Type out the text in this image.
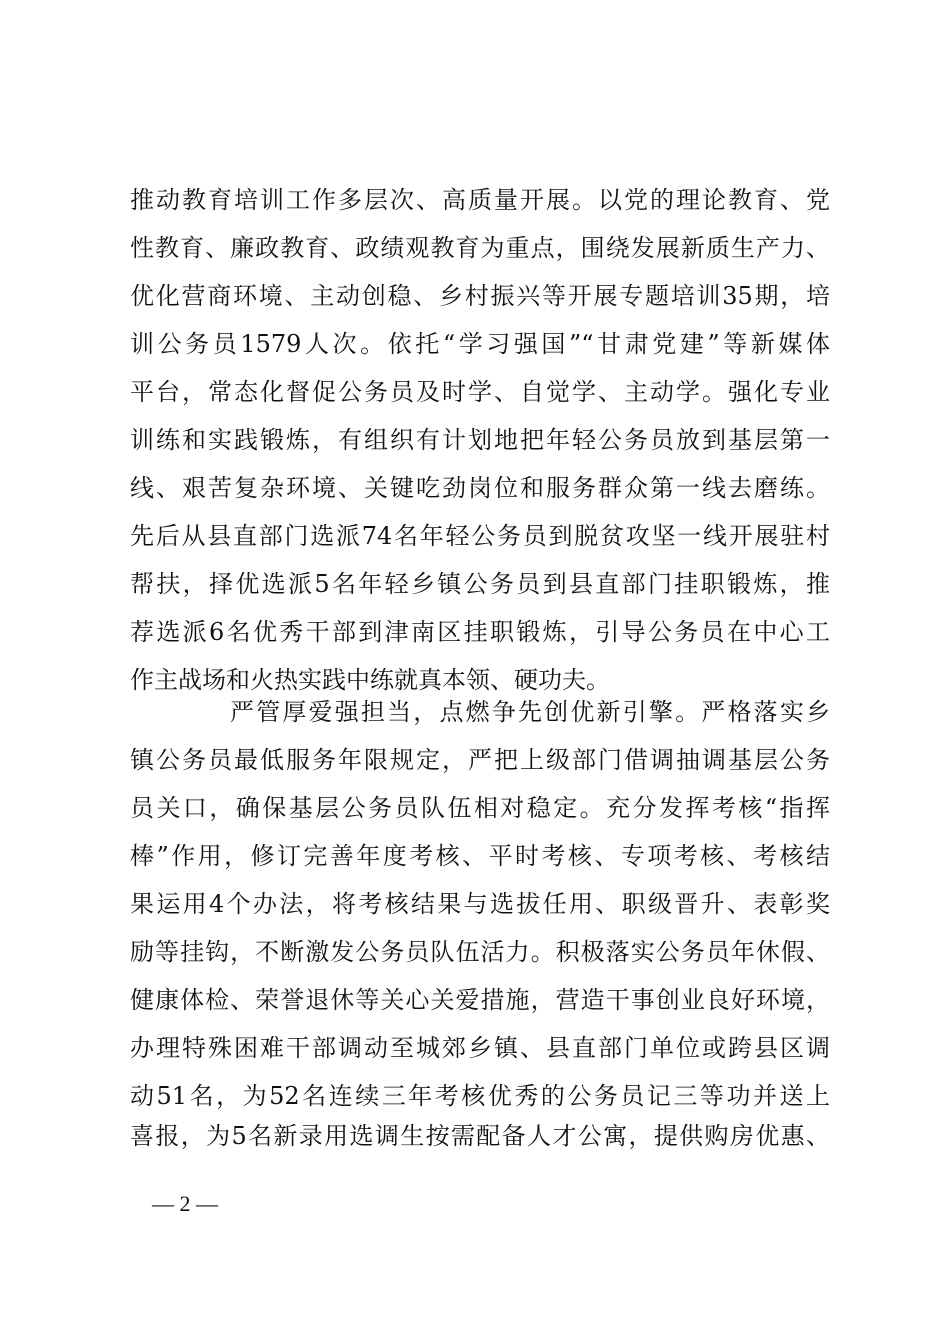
推动教育培训工作多层次、高质量开展。以党的理论教育、党
性教育、廉政教育、政绩观教育为重点，围绕发展新质生产力、
优化营商环境、主动创稳、乡村振兴等开展专题培训35期，培
训公务员1579人次。依托“学习强国”“甘肃党建”等新媒体
平台，常态化督促公务员及时学、自觉学、主动学。强化专业
训练和实践锻炼，有组织有计划地把年轻公务员放到基层第一
线、艰苦复杂环境、关键吃劲岗位和服务群众第一线去磨练。
先后从县直部门选派74名年轻公务员到脱贫攻坚一线开展驻村
帮扶，择优选派5名年轻乡镇公务员到县直部门挂职锻炼，推
荐选派6名优秀干部到津南区挂职锻炼，引导公务员在中心工
作主战场和火热实践中练就真本领、硬功夫。
严管厚爱强担当，点燃争先创优新引擎。严格落实乡
镇公务员最低服务年限规定，严把上级部门借调抽调基层公务
员关口，确保基层公务员队伍相对稳定。充分发挥考核“指挥
棒”作用，修订完善年度考核、平时考核、专项考核、考核结
果运用4个办法，将考核结果与选拔任用、职级晋升、表彰奖
励等挂钩，不断激发公务员队伍活力。积极落实公务员年休假、
健康体检、荣誉退休等关心关爱措施，营造干事创业良好环境，
办理特殊困难干部调动至城郊乡镇、县直部门单位或跨县区调
动51名，为52名连续三年考核优秀的公务员记三等功并送上
喜报，为5名新录用选调生按需配备人才公寓，提供购房优惠、
— 2 —
